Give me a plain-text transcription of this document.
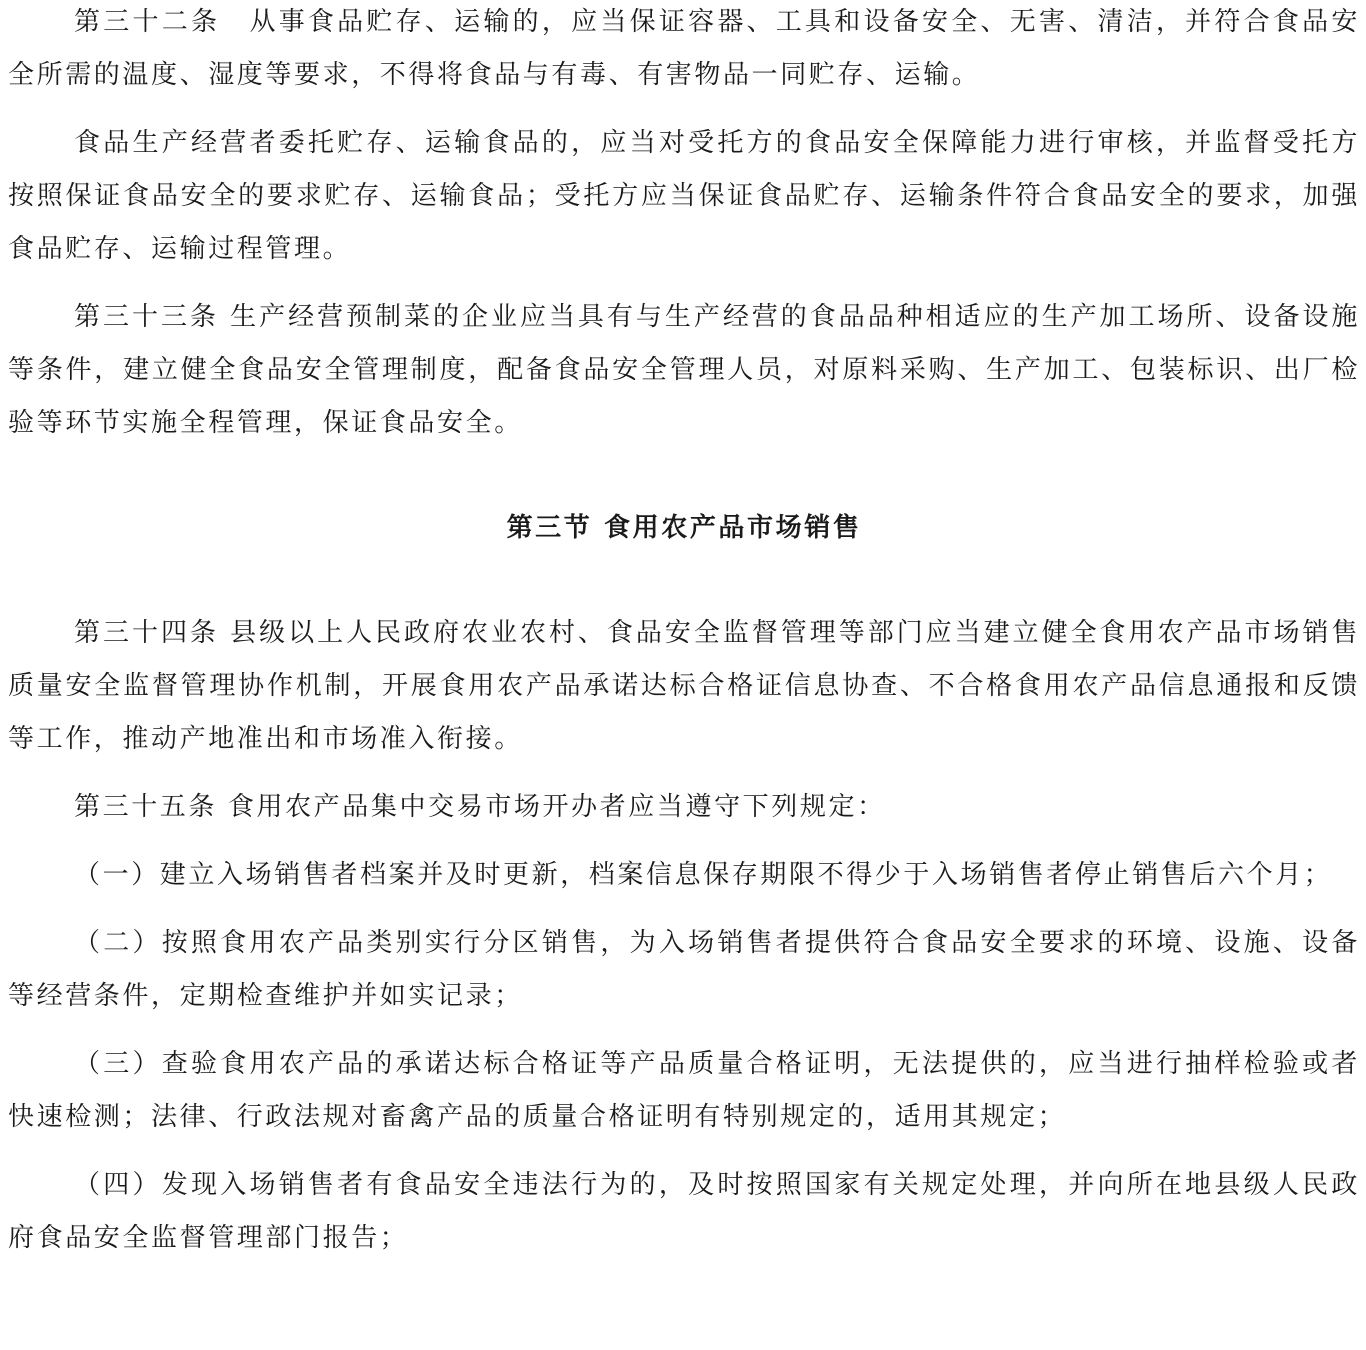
第三十二条　从事食品贮存、运输的，应当保证容器、工具和设备安全、无害、清洁，并符合食品安全所需的温度、湿度等要求，不得将食品与有毒、有害物品一同贮存、运输。

食品生产经营者委托贮存、运输食品的，应当对受托方的食品安全保障能力进行审核，并监督受托方按照保证食品安全的要求贮存、运输食品；受托方应当保证食品贮存、运输条件符合食品安全的要求，加强食品贮存、运输过程管理。

第三十三条 生产经营预制菜的企业应当具有与生产经营的食品品种相适应的生产加工场所、设备设施等条件，建立健全食品安全管理制度，配备食品安全管理人员，对原料采购、生产加工、包装标识、出厂检验等环节实施全程管理，保证食品安全。

第三节 食用农产品市场销售

第三十四条 县级以上人民政府农业农村、食品安全监督管理等部门应当建立健全食用农产品市场销售质量安全监督管理协作机制，开展食用农产品承诺达标合格证信息协查、不合格食用农产品信息通报和反馈等工作，推动产地准出和市场准入衔接。

第三十五条 食用农产品集中交易市场开办者应当遵守下列规定：

（一）建立入场销售者档案并及时更新，档案信息保存期限不得少于入场销售者停止销售后六个月；

（二）按照食用农产品类别实行分区销售，为入场销售者提供符合食品安全要求的环境、设施、设备等经营条件，定期检查维护并如实记录；

（三）查验食用农产品的承诺达标合格证等产品质量合格证明，无法提供的，应当进行抽样检验或者快速检测；法律、行政法规对畜禽产品的质量合格证明有特别规定的，适用其规定；

（四）发现入场销售者有食品安全违法行为的，及时按照国家有关规定处理，并向所在地县级人民政府食品安全监督管理部门报告；
